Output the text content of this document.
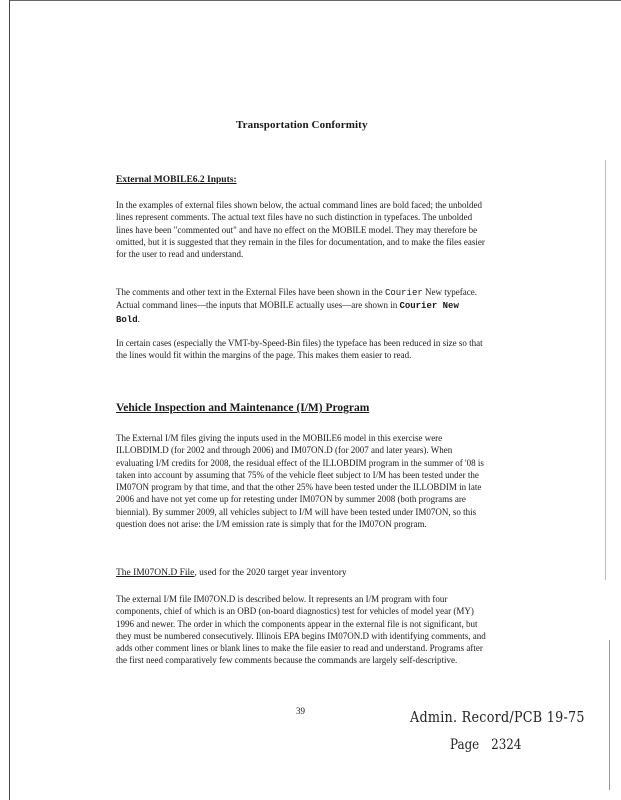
Transportation Conformity
External MOBILE6.2 Inputs:
In the examples of external files shown below, the actual command lines are bold faced; the unbolded lines represent comments. The actual text files have no such distinction in typefaces. The unbolded lines have been "commented out" and have no effect on the MOBILE model. They may therefore be omitted, but it is suggested that they remain in the files for documentation, and to make the files easier for the user to read and understand.
The comments and other text in the External Files have been shown in the Courier New typeface. Actual command lines—the inputs that MOBILE actually uses—are shown in Courier New Bold.
In certain cases (especially the VMT-by-Speed-Bin files) the typeface has been reduced in size so that the lines would fit within the margins of the page. This makes them easier to read.
Vehicle Inspection and Maintenance (I/M) Program
The External I/M files giving the inputs used in the MOBILE6 model in this exercise were ILLOBDIM.D (for 2002 and through 2006) and IM07ON.D (for 2007 and later years). When evaluating I/M credits for 2008, the residual effect of the ILLOBDIM program in the summer of '08 is taken into account by assuming that 75% of the vehicle fleet subject to I/M has been tested under the IM07ON program by that time, and that the other 25% have been tested under the ILLOBDIM in late 2006 and have not yet come up for retesting under IM07ON by summer 2008 (both programs are biennial). By summer 2009, all vehicles subject to I/M will have been tested under IM07ON, so this question does not arise: the I/M emission rate is simply that for the IM07ON program.
The IM07ON.D File, used for the 2020 target year inventory
The external I/M file IM07ON.D is described below. It represents an I/M program with four components, chief of which is an OBD (on-board diagnostics) test for vehicles of model year (MY) 1996 and newer. The order in which the components appear in the external file is not significant, but they must be numbered consecutively. Illinois EPA begins IM07ON.D with identifying comments, and adds other comment lines or blank lines to make the file easier to read and understand. Programs after the first need comparatively few comments because the commands are largely self-descriptive.
39	Admin. Record/PCB 19-75
Page 2324
